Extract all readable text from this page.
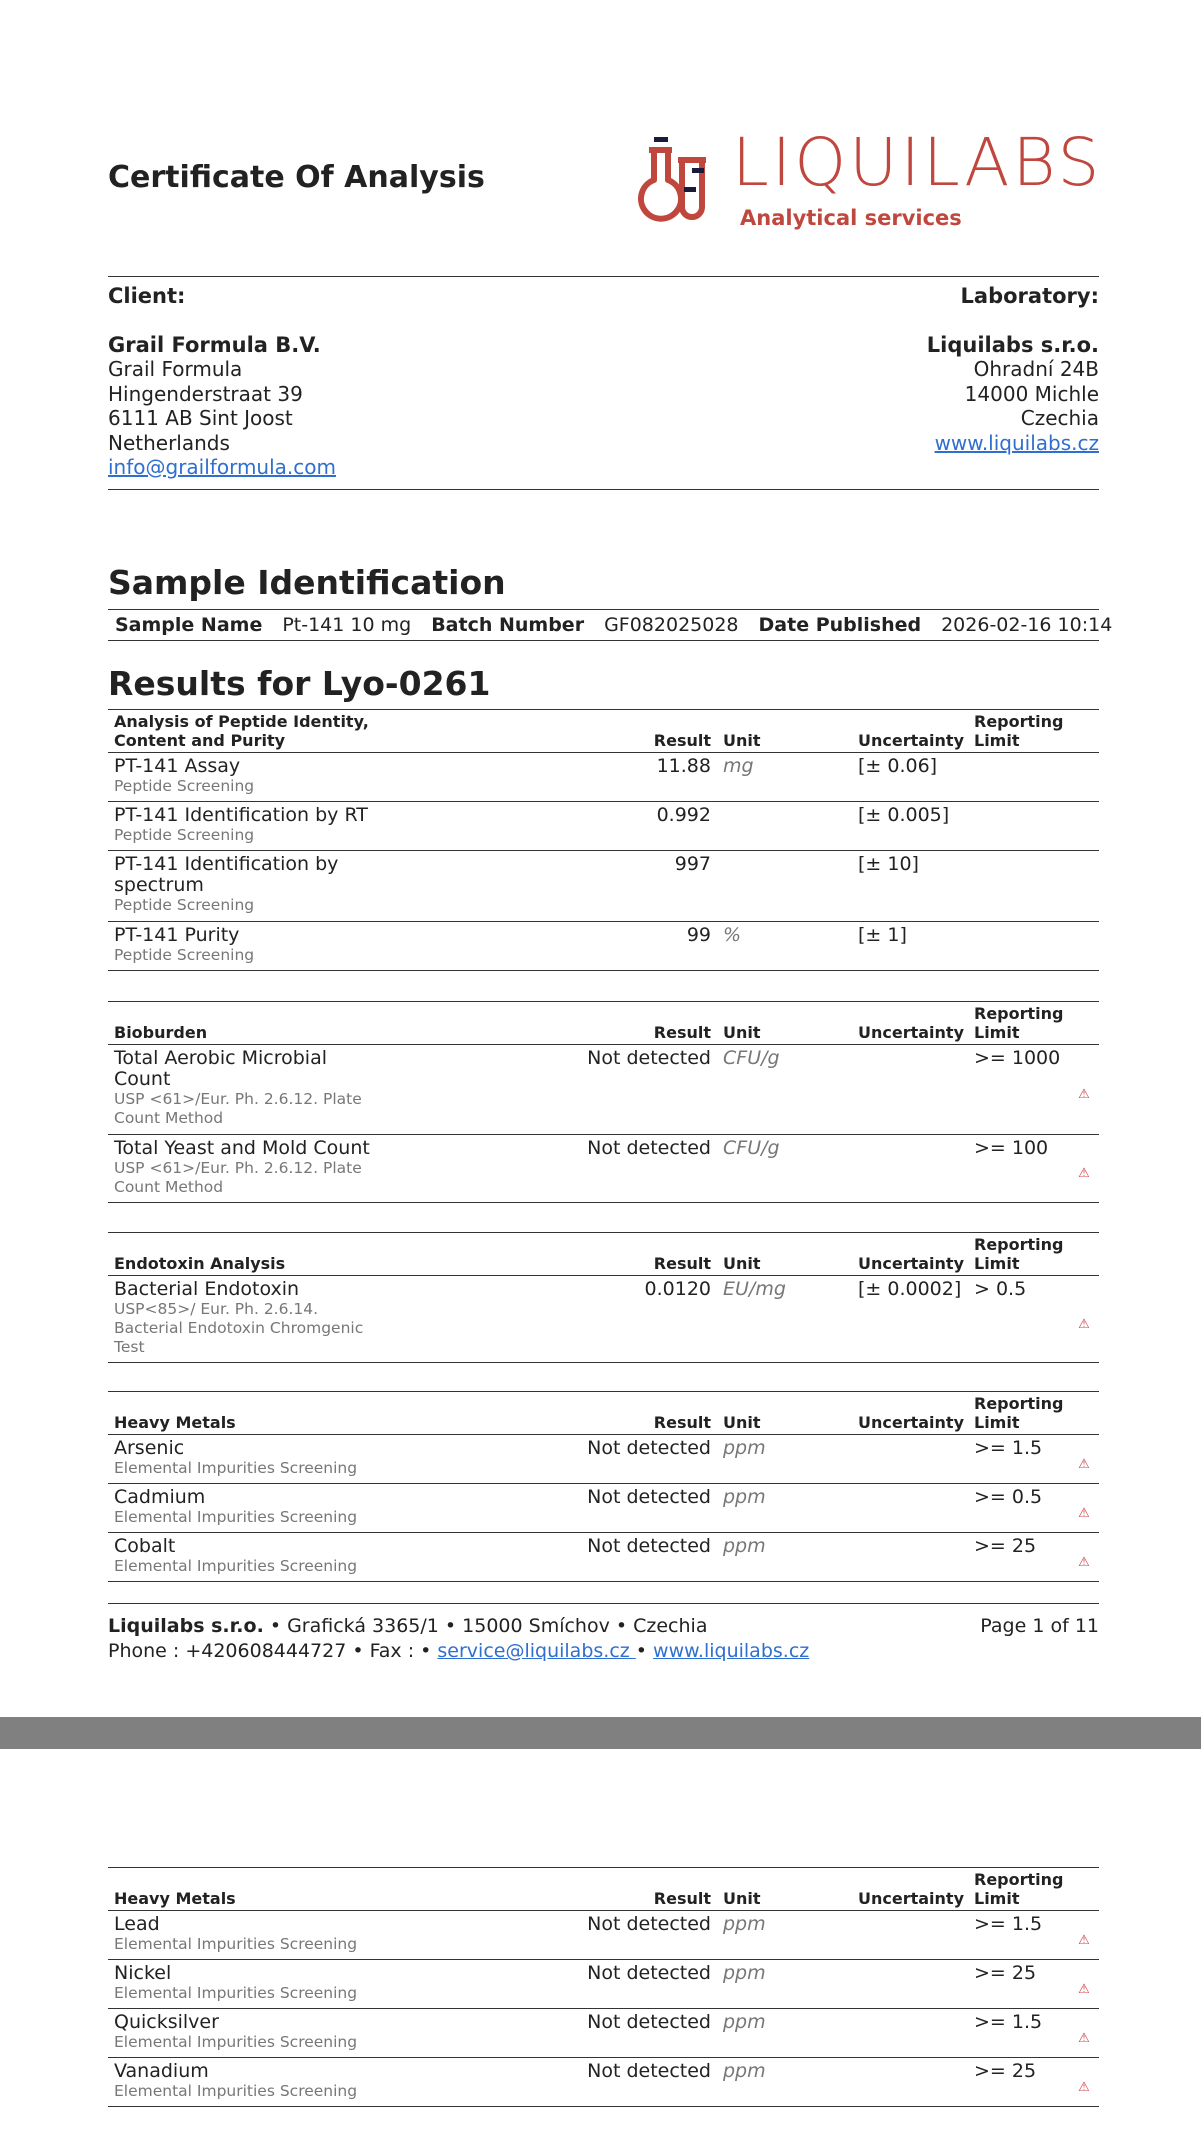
Certificate Of Analysis	LIQUILABS
Analytical services
Client:
Grail Formula B.V.
Grail Formula
Hingenderstraat 39
6111 AB Sint Joost
Netherlands
info@grailformula.com
Laboratory:
Liquilabs s.r.o.
Ohradní 24B
14000 Michle
Czechia
www.liquilabs.cz
Sample Identification
Sample Name Pt-141 10 mg Batch Number GF082025028 Date Published 2026-02-16 10:14
Results for Lyo-0261
Analysis of Peptide Identity, Content and Purity	Result	Unit	Uncertainty	Reporting Limit	

PT-141 Assay
Peptide Screening	11.88	mg	[± 0.06]		

PT-141 Identification by RT
Peptide Screening	0.992		[± 0.005]		

PT-141 Identification by spectrum
Peptide Screening	997		[± 10]		

PT-141 Purity
Peptide Screening	99	%	[± 1]		
Bioburden	Result	Unit	Uncertainty	Reporting Limit	

Total Aerobic Microbial Count
USP <61>/Eur. Ph. 2.6.12. Plate Count Method	Not detected	CFU/g		>= 1000	⚠

Total Yeast and Mold Count
USP <61>/Eur. Ph. 2.6.12. Plate Count Method	Not detected	CFU/g		>= 100	⚠
Endotoxin Analysis	Result	Unit	Uncertainty	Reporting Limit	

Bacterial Endotoxin
USP<85>/ Eur. Ph. 2.6.14. Bacterial Endotoxin Chromgenic Test	0.0120	EU/mg	[± 0.0002]	> 0.5	⚠
Heavy Metals	Result	Unit	Uncertainty	Reporting Limit	

Arsenic
Elemental Impurities Screening	Not detected	ppm		>= 1.5	⚠

Cadmium
Elemental Impurities Screening	Not detected	ppm		>= 0.5	⚠

Cobalt
Elemental Impurities Screening	Not detected	ppm		>= 25	⚠
Liquilabs s.r.o. • Grafická 3365/1 • 15000 Smíchov • Czechia
Phone : +420608444727 • Fax : • service@liquilabs.cz • www.liquilabs.cz
Page 1 of 11
Heavy Metals	Result	Unit	Uncertainty	Reporting Limit	

Lead
Elemental Impurities Screening	Not detected	ppm		>= 1.5	⚠

Nickel
Elemental Impurities Screening	Not detected	ppm		>= 25	⚠

Quicksilver
Elemental Impurities Screening	Not detected	ppm		>= 1.5	⚠

Vanadium
Elemental Impurities Screening	Not detected	ppm		>= 25	⚠
